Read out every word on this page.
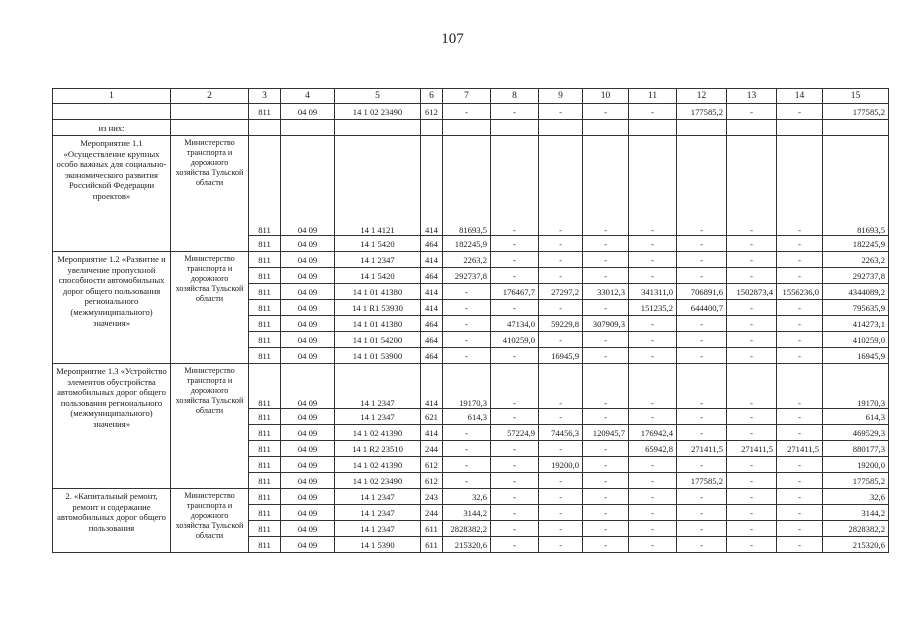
107
1	2	3	4	5	6	7	8	9	10	11	12	13	14	15
		811	04 09	14 1 02 23490	612	-	-	-	-	-	177585,2	-	-	177585,2
из них:														
Мероприятие 1.1 «Осуществление крупных особо важных для социально-экономического развития Российской Федерации проектов»	Министерство транспорта и дорожного хозяйства Тульской области	811	04 09	14 1 4121	414	81693,5	-	-	-	-	-	-	-	81693,5
		811	04 09	14 1 5420	464	182245,9	-	-	-	-	-	-	-	182245,9
Мероприятие 1.2 «Развитие и увеличение пропускной способности автомобильных дорог общего пользования регионального (межмуниципального) значения»	Министерство транспорта и дорожного хозяйства Тульской области	811	04 09	14 1 2347	414	2263,2	-	-	-	-	-	-	-	2263,2
		811	04 09	14 1 5420	464	292737,8	-	-	-	-	-	-	-	292737,8
		811	04 09	14 1 01 41380	414	-	176467,7	27297,2	33012,3	341311,0	706891,6	1502873,4	1556236,0	4344089,2
		811	04 09	14 1 R1 53930	414	-	-	-	-	151235,2	644400,7	-	-	795635,9
		811	04 09	14 1 01 41380	464	-	47134,0	59229,8	307909,3	-	-	-	-	414273,1
		811	04 09	14 1 01 54200	464	-	410259,0	-	-	-	-	-	-	410259,0
		811	04 09	14 1 01 53900	464	-	-	16945,9	-	-	-	-	-	16945,9
Мероприятие 1.3 «Устройство элементов обустройства автомобильных дорог общего пользования регионального (межмуниципального) значения»	Министерство транспорта и дорожного хозяйства Тульской области	811	04 09	14 1 2347	414	19170,3	-	-	-	-	-	-	-	19170,3
		811	04 09	14 1 2347	621	614,3	-	-	-	-	-	-	-	614,3
		811	04 09	14 1 02 41390	414	-	57224,9	74456,3	120945,7	176942,4	-	-	-	469529,3
		811	04 09	14 1 R2 23510	244	-	-	-	-	65942,8	271411,5	271411,5	271411,5	880177,3
		811	04 09	14 1 02 41390	612	-	-	19200,0	-	-	-	-	-	19200,0
		811	04 09	14 1 02 23490	612	-	-	-	-	-	177585,2	-	-	177585,2
2. «Капитальный ремонт, ремонт и содержание автомобильных дорог общего пользования	Министерство транспорта и дорожного хозяйства Тульской области	811	04 09	14 1 2347	243	32,6	-	-	-	-	-	-	-	32,6
		811	04 09	14 1 2347	244	3144,2	-	-	-	-	-	-	-	3144,2
		811	04 09	14 1 2347	611	2828382,2	-	-	-	-	-	-	-	2828382,2
		811	04 09	14 1 5390	611	215320,6	-	-	-	-	-	-	-	215320,6
